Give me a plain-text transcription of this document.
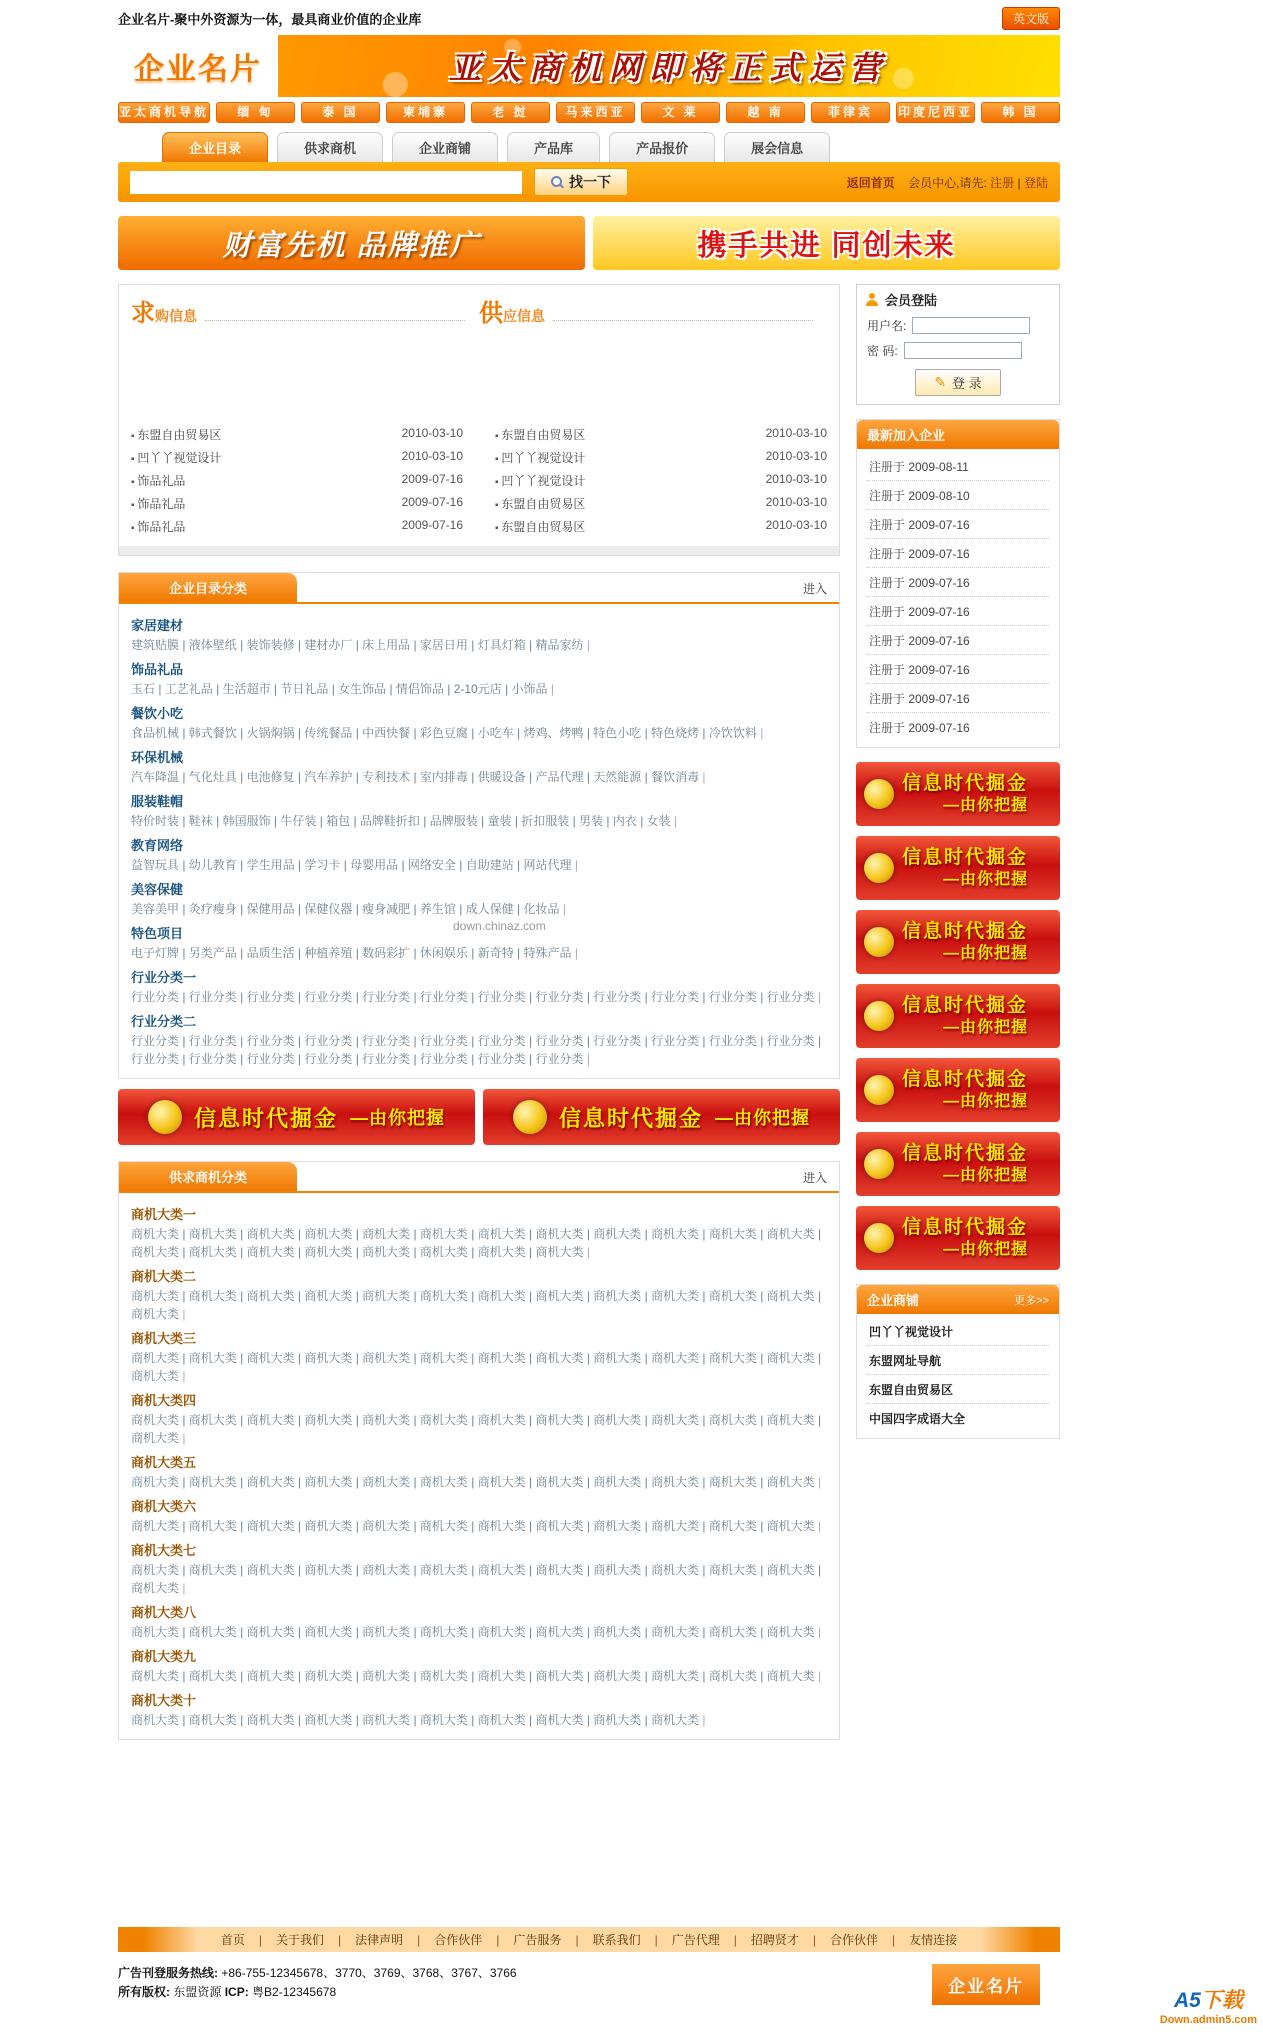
企业名片-聚中外资源为一体，最具商业价值的企业库	英文版
企业名片	亚太商机网即将正式运营
亚太商机导航	缅 甸	泰 国	柬埔寨	老 挝	马来西亚	文 莱	越 南	菲律宾	印度尼西亚	韩 国
企业目录	供求商机	企业商铺	产品库	产品报价	展会信息
找一下	返回首页 会员中心,请先: 注册 | 登陆
财富先机 品牌推广	携手共进 同创未来
求 购信息	供 应信息
▪ 东盟自由贸易区	2010-03-10
▪ 凹丫丫视觉设计	2010-03-10
▪ 饰品礼品	2009-07-16
▪ 饰品礼品	2009-07-16
▪ 饰品礼品	2009-07-16
▪ 东盟自由贸易区	2010-03-10
▪ 凹丫丫视觉设计	2010-03-10
▪ 凹丫丫视觉设计	2010-03-10
▪ 东盟自由贸易区	2010-03-10
▪ 东盟自由贸易区	2010-03-10
企业目录分类	进入
家居建材
建筑贴膜 | 液体壁纸 | 装饰装修 | 建材办厂 | 床上用品 | 家居日用 | 灯具灯箱 | 精品家纺 |
饰品礼品
玉石 | 工艺礼品 | 生活超市 | 节日礼品 | 女生饰品 | 情侣饰品 | 2-10元店 | 小饰品 |
餐饮小吃
食品机械 | 韩式餐饮 | 火锅焖锅 | 传统餐品 | 中西快餐 | 彩色豆腐 | 小吃车 | 烤鸡、烤鸭 | 特色小吃 | 特色烧烤 | 冷饮饮料 |
环保机械
汽车降温 | 气化灶具 | 电池修复 | 汽车养护 | 专利技术 | 室内排毒 | 供暖设备 | 产品代理 | 天然能源 | 餐饮消毒 |
服装鞋帽
特价时装 | 鞋袜 | 韩国服饰 | 牛仔装 | 箱包 | 品牌鞋折扣 | 品牌服装 | 童装 | 折扣服装 | 男装 | 内衣 | 女装 |
教育网络
益智玩具 | 幼儿教育 | 学生用品 | 学习卡 | 母婴用品 | 网络安全 | 自助建站 | 网站代理 |
美容保健
美容美甲 | 灸疗瘦身 | 保健用品 | 保健仪器 | 瘦身减肥 | 养生馆 | 成人保健 | 化妆品 |
特色项目
电子灯牌 | 另类产品 | 品质生活 | 种植养殖 | 数码彩扩 | 休闲娱乐 | 新奇特 | 特殊产品 |
行业分类一
行业分类 | 行业分类 | 行业分类 | 行业分类 | 行业分类 | 行业分类 | 行业分类 | 行业分类 | 行业分类 | 行业分类 | 行业分类 | 行业分类 |
行业分类二
行业分类 | 行业分类 | 行业分类 | 行业分类 | 行业分类 | 行业分类 | 行业分类 | 行业分类 | 行业分类 | 行业分类 | 行业分类 | 行业分类 | 行业分类 | 行业分类 | 行业分类 | 行业分类 | 行业分类 | 行业分类 | 行业分类 | 行业分类 |
down.chinaz.com
信息时代掘金 —由你把握	信息时代掘金 —由你把握
供求商机分类	进入
商机大类一
商机大类 | 商机大类 | 商机大类 | 商机大类 | 商机大类 | 商机大类 | 商机大类 | 商机大类 | 商机大类 | 商机大类 | 商机大类 | 商机大类 | 商机大类 | 商机大类 | 商机大类 | 商机大类 | 商机大类 | 商机大类 | 商机大类 | 商机大类 |
商机大类二
商机大类 | 商机大类 | 商机大类 | 商机大类 | 商机大类 | 商机大类 | 商机大类 | 商机大类 | 商机大类 | 商机大类 | 商机大类 | 商机大类 | 商机大类 |
商机大类三
商机大类 | 商机大类 | 商机大类 | 商机大类 | 商机大类 | 商机大类 | 商机大类 | 商机大类 | 商机大类 | 商机大类 | 商机大类 | 商机大类 | 商机大类 |
商机大类四
商机大类 | 商机大类 | 商机大类 | 商机大类 | 商机大类 | 商机大类 | 商机大类 | 商机大类 | 商机大类 | 商机大类 | 商机大类 | 商机大类 | 商机大类 |
商机大类五
商机大类 | 商机大类 | 商机大类 | 商机大类 | 商机大类 | 商机大类 | 商机大类 | 商机大类 | 商机大类 | 商机大类 | 商机大类 | 商机大类 |
商机大类六
商机大类 | 商机大类 | 商机大类 | 商机大类 | 商机大类 | 商机大类 | 商机大类 | 商机大类 | 商机大类 | 商机大类 | 商机大类 | 商机大类 |
商机大类七
商机大类 | 商机大类 | 商机大类 | 商机大类 | 商机大类 | 商机大类 | 商机大类 | 商机大类 | 商机大类 | 商机大类 | 商机大类 | 商机大类 | 商机大类 |
商机大类八
商机大类 | 商机大类 | 商机大类 | 商机大类 | 商机大类 | 商机大类 | 商机大类 | 商机大类 | 商机大类 | 商机大类 | 商机大类 | 商机大类 |
商机大类九
商机大类 | 商机大类 | 商机大类 | 商机大类 | 商机大类 | 商机大类 | 商机大类 | 商机大类 | 商机大类 | 商机大类 | 商机大类 | 商机大类 |
商机大类十
商机大类 | 商机大类 | 商机大类 | 商机大类 | 商机大类 | 商机大类 | 商机大类 | 商机大类 | 商机大类 | 商机大类 |
会员登陆
用户名:
密 码:
✎ 登 录
最新加入企业
注册于 2009-08-11
注册于 2009-08-10
注册于 2009-07-16
注册于 2009-07-16
注册于 2009-07-16
注册于 2009-07-16
注册于 2009-07-16
注册于 2009-07-16
注册于 2009-07-16
注册于 2009-07-16
信息时代掘金
—由你把握
信息时代掘金
—由你把握
信息时代掘金
—由你把握
信息时代掘金
—由你把握
信息时代掘金
—由你把握
信息时代掘金
—由你把握
信息时代掘金
—由你把握
企业商铺	更多>>
凹丫丫视觉设计
东盟网址导航
东盟自由贸易区
中国四字成语大全
首页 |	关于我们 |	法律声明 |	合作伙伴 |	广告服务 |	联系我们 |	广告代理 |	招聘贤才 |	合作伙伴 |	友情连接
广告刊登服务热线: +86-755-12345678、3770、3769、3768、3767、3766
所有版权: 东盟资源 ICP: 粤B2-12345678	企业名片
A5下载
Down.admin5.com
